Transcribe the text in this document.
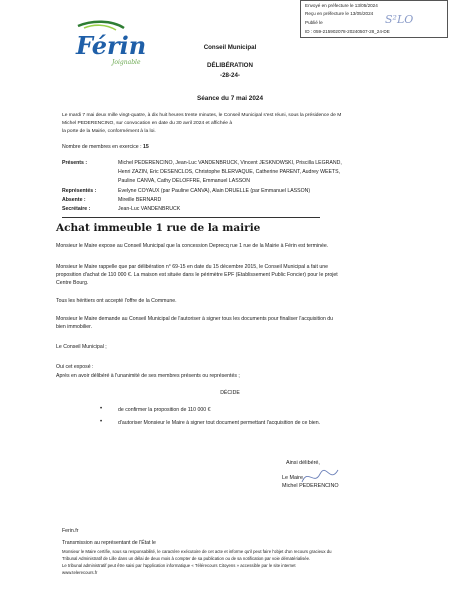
Envoyé en préfecture le 13/05/2024
Reçu en préfecture le 13/05/2024
Publié le
ID : 059-215902078-20240507-28_24-DE
S²LO
Férin
Joignable
Conseil Municipal
DÉLIBÉRATION
-28-24-
Séance du 7 mai 2024
Le mardi 7 mai deux mille vingt-quatre, à dix huit heures trente minutes, le Conseil Municipal s'est réuni, sous la présidence de M
Michel PEDERENCINO, sur convocation en date du 30 avril 2024 et affichée à
la porte de la Mairie, conformément à la loi.
Nombre de membres en exercice : 15
Présents :	Michel PEDERENCINO, Jean-Luc VANDENBRUCK, Vincent JESKNOWSKI, Priscilla LEGRAND,
Henri ZAZIN, Eric DESENCLOS, Christophe BLERVAQUE, Catherine PARENT, Audrey WEETS,
Pauline CANVA, Cathy DELOFFRE, Emmanuel LASSON
Représentés :	Evelyne COYAUX (par Pauline CANVA), Alain DRUELLE (par Emmanuel LASSON)
Absente :	Mireille BERNARD
Secrétaire :	Jean-Luc VANDENBRUCK
Achat immeuble 1 rue de la mairie
Monsieur le Maire expose au Conseil Municipal que la concession Deprecq rue 1 rue de la Mairie à Férin est terminée.
Monsieur le Maire rappelle que par délibération n° 69-15 en date du 15 décembre 2015, le Conseil Municipal a fait une
proposition d'achat de 110 000 €. La maison est située dans le périmètre EPF (Etablissement Public Foncier) pour le projet
Centre Bourg.
Tous les héritiers ont accepté l'offre de la Commune.
Monsieur le Maire demande au Conseil Municipal de l'autoriser à signer tous les documents pour finaliser l'acquisition du
bien immobilier.
Le Conseil Municipal ;
Oui cet exposé :
Après en avoir délibéré à l'unanimité de ses membres présents ou représentés ;
DÉCIDE
•	de confirmer la proposition de 110 000 €
•	d'autoriser Monsieur le Maire à signer tout document permettant l'acquisition de ce bien.
Ainsi délibéré,
Le Maire,
Michel PEDERENCINO
Ferin.fr
Transmission au représentant de l'État le
Monsieur le Maire certifie, sous sa responsabilité, le caractère exécutoire de cet acte et informe qu'il peut faire l'objet d'un recours gracieux du
Tribunal Administratif de Lille dans un délai de deux mois à compter de sa publication ou de sa notification par voie dématérialisée.
Le tribunal administratif peut être saisi par l'application informatique « Télérecours Citoyens » accessible par le site internet
www.telerecours.fr
